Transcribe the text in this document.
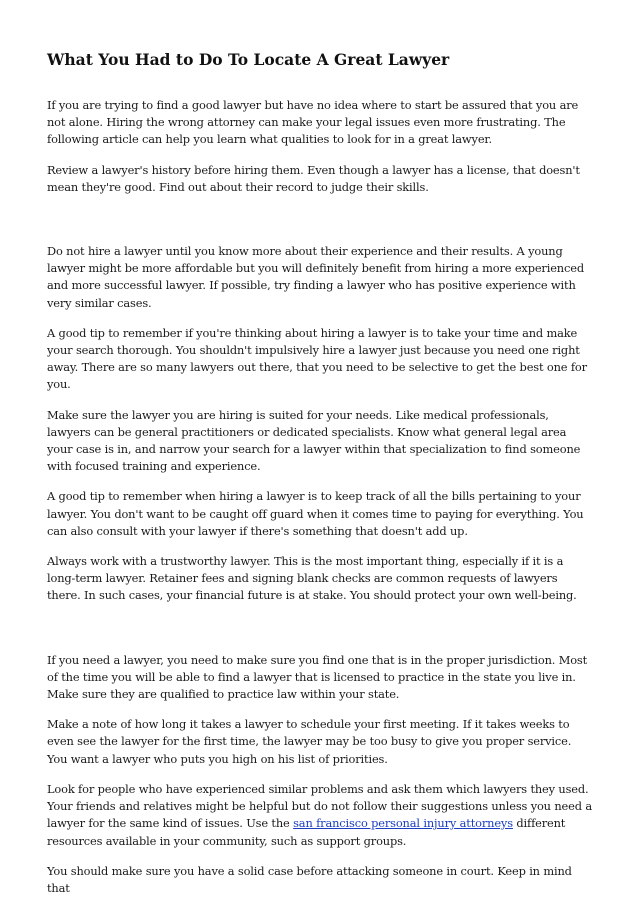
What You Had to Do To Locate A Great Lawyer

If you are trying to find a good lawyer but have no idea where to start be assured that you are not alone. Hiring the wrong attorney can make your legal issues even more frustrating. The following article can help you learn what qualities to look for in a great lawyer.

Review a lawyer's history before hiring them. Even though a lawyer has a license, that doesn't mean they're good. Find out about their record to judge their skills.

Do not hire a lawyer until you know more about their experience and their results. A young lawyer might be more affordable but you will definitely benefit from hiring a more experienced and more successful lawyer. If possible, try finding a lawyer who has positive experience with very similar cases.

A good tip to remember if you're thinking about hiring a lawyer is to take your time and make your search thorough. You shouldn't impulsively hire a lawyer just because you need one right away. There are so many lawyers out there, that you need to be selective to get the best one for you.

Make sure the lawyer you are hiring is suited for your needs. Like medical professionals, lawyers can be general practitioners or dedicated specialists. Know what general legal area your case is in, and narrow your search for a lawyer within that specialization to find someone with focused training and experience.

A good tip to remember when hiring a lawyer is to keep track of all the bills pertaining to your lawyer. You don't want to be caught off guard when it comes time to paying for everything. You can also consult with your lawyer if there's something that doesn't add up.

Always work with a trustworthy lawyer. This is the most important thing, especially if it is a long-term lawyer. Retainer fees and signing blank checks are common requests of lawyers there. In such cases, your financial future is at stake. You should protect your own well-being.

If you need a lawyer, you need to make sure you find one that is in the proper jurisdiction. Most of the time you will be able to find a lawyer that is licensed to practice in the state you live in. Make sure they are qualified to practice law within your state.

Make a note of how long it takes a lawyer to schedule your first meeting. If it takes weeks to even see the lawyer for the first time, the lawyer may be too busy to give you proper service. You want a lawyer who puts you high on his list of priorities.

Look for people who have experienced similar problems and ask them which lawyers they used. Your friends and relatives might be helpful but do not follow their suggestions unless you need a lawyer for the same kind of issues. Use the san francisco personal injury attorneys different resources available in your community, such as support groups.

You should make sure you have a solid case before attacking someone in court. Keep in mind that
